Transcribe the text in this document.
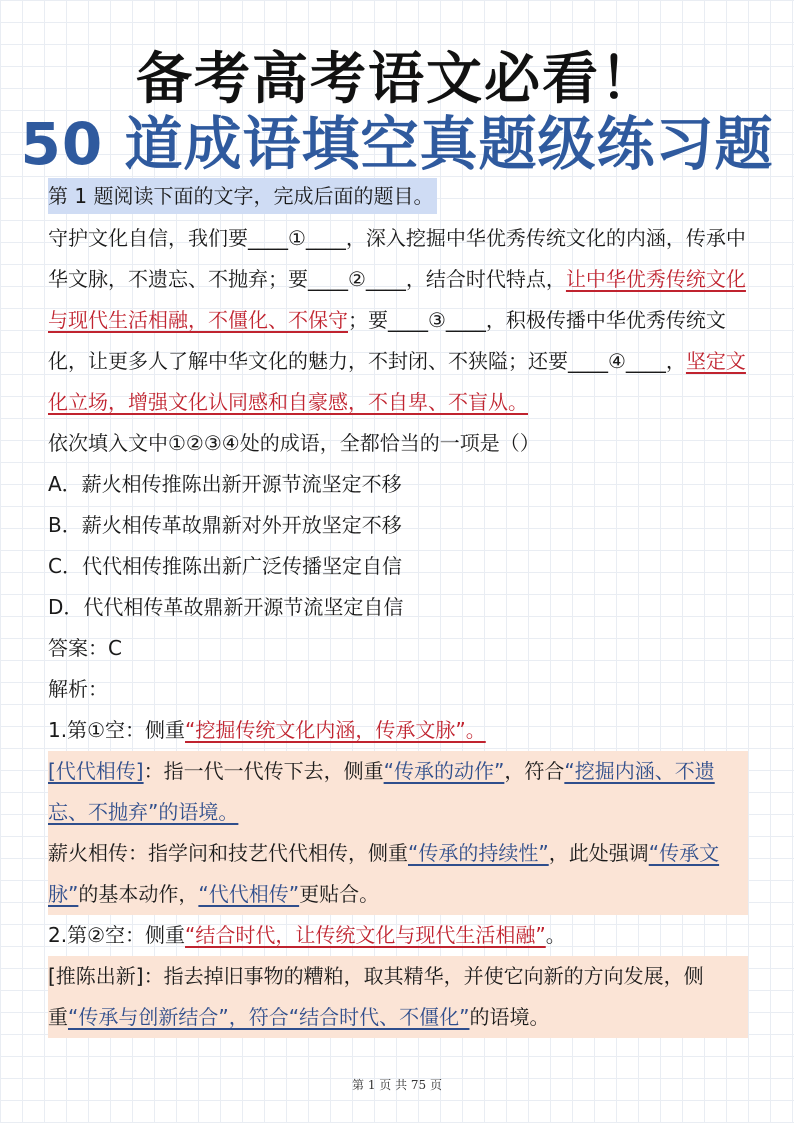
备考高考语文必看！
50 道成语填空真题级练习题
第 1 题阅读下面的文字，完成后面的题目。

守护文化自信，我们要____①____，深入挖掘中华优秀传统文化的内涵，传承中华文脉，不遗忘、不抛弃；要____②____，结合时代特点，让中华优秀传统文化与现代生活相融，不僵化、不保守；要____③____，积极传播中华优秀传统文化，让更多人了解中华文化的魅力，不封闭、不狭隘；还要____④____，坚定文化立场，增强文化认同感和自豪感，不自卑、不盲从。

依次填入文中①②③④处的成语，全都恰当的一项是（）

A．薪火相传推陈出新开源节流坚定不移

B．薪火相传革故鼎新对外开放坚定不移

C．代代相传推陈出新广泛传播坚定自信

D．代代相传革故鼎新开源节流坚定自信

答案：C

解析：

1.第①空：侧重“挖掘传统文化内涵，传承文脉”。

[代代相传]：指一代一代传下去，侧重“传承的动作”，符合“挖掘内涵、不遗忘、不抛弃”的语境。

薪火相传：指学问和技艺代代相传，侧重“传承的持续性”，此处强调“传承文脉”的基本动作，“代代相传”更贴合。

2.第②空：侧重“结合时代，让传统文化与现代生活相融”。

[推陈出新]：指去掉旧事物的糟粕，取其精华，并使它向新的方向发展，侧重“传承与创新结合”，符合“结合时代、不僵化”的语境。

第 1 页 共 75 页
